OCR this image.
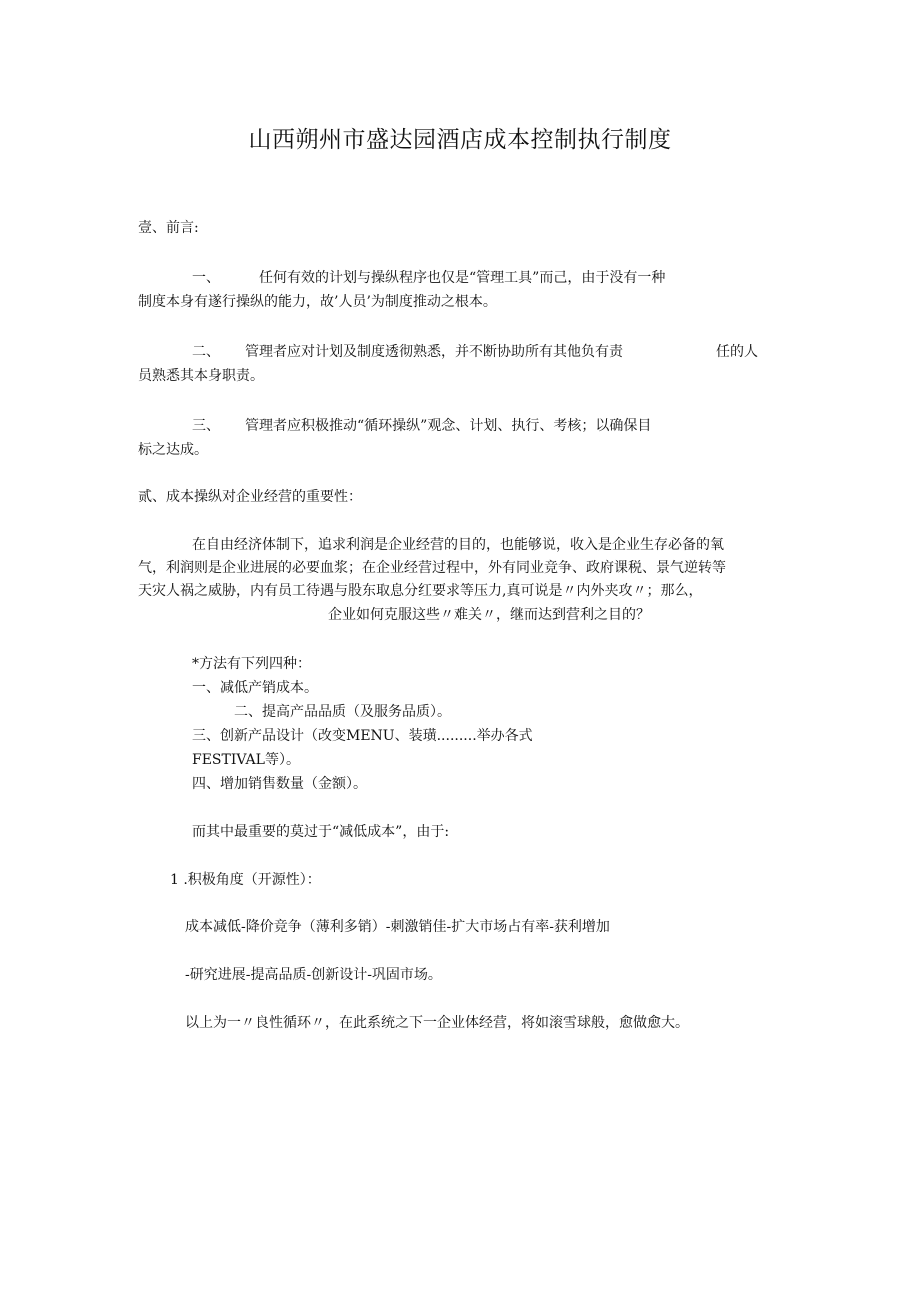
山西朔州市盛达园酒店成本控制执行制度
壹、前言:
一、	任何有效的计划与操纵程序也仅是“管理工具”而己，由于没有一种
制度本身有遂行操纵的能力，故’人员’为制度推动之根本。
二、 管理者应对计划及制度透彻熟悉，并不断协助所有其他负有责	任的人
员熟悉其本身职责。
三、 管理者应积极推动“循环操纵”观念、计划、执行、考核；以确保目
标之达成。
贰、成本操纵对企业经营的重要性：
在自由经济体制下，追求利润是企业经营的目的，也能够说，收入是企业生存必备的氧
气，利润则是企业进展的必要血浆；在企业经营过程中，外有同业竞争、政府课税、景气逆转等
天灾人祸之威胁，内有员工待遇与股东取息分红要求等压力,真可说是〃内外夹攻〃；那么，
企业如何克服这些〃难关〃，继而达到营利之目的？
*方法有下列四种：
一、减低产销成本。
二、提高产品品质（及服务品质）。
三、创新产品设计（改变MENU、装璜.........举办各式
FESTIVAL等）。
四、增加销售数量（金额）。
而其中最重要的莫过于“减低成本”，由于:
1 .积极角度（开源性）：
成本减低-降价竞争（薄利多销）-刺激销佳-扩大市场占有率-获利增加
-研究进展-提高品质-创新设计-巩固市场。
以上为一〃良性循环〃，在此系统之下一企业体经营，将如滚雪球般，愈做愈大。
